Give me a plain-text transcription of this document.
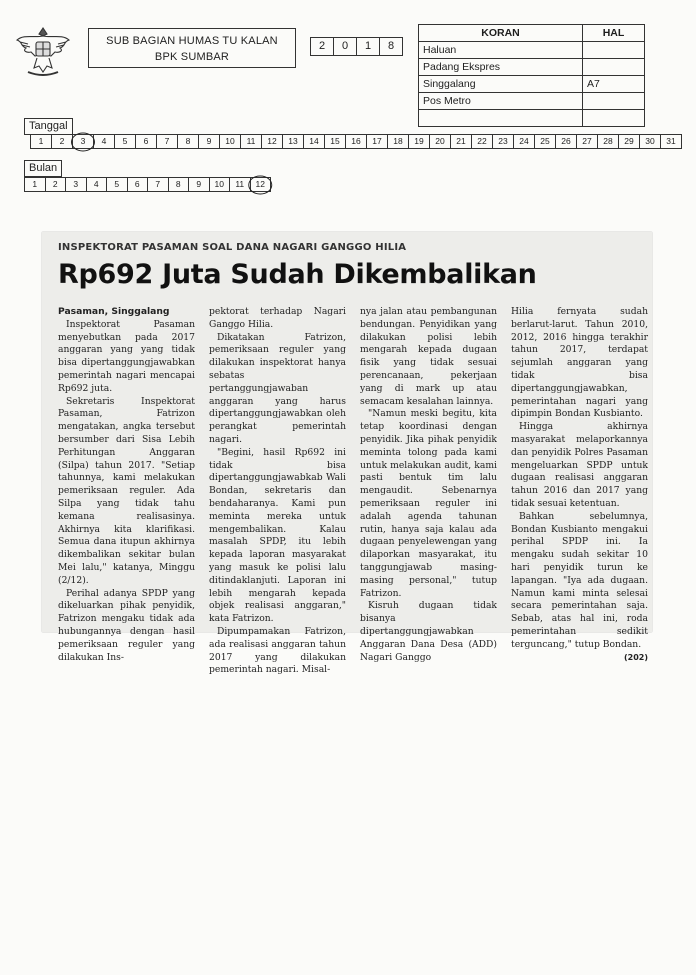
SUB BAGIAN HUMAS TU KALAN
BPK SUMBAR
2	0	1	8
KORAN	HAL
Haluan	
Padang Ekspres	
Singgalang	A7
Pos Metro	

Tanggal
1	2	3	4	5	6	7	8	9	10	11	12	13	14	15	16	17	18	19	20	21	22	23	24	25	26	27	28	29	30	31
Bulan
1	2	3	4	5	6	7	8	9	10	11	12
INSPEKTORAT PASAMAN SOAL DANA NAGARI GANGGO HILIA
Rp692 Juta Sudah Dikembalikan

Pasaman, Singgalang

Inspektorat Pasaman menyebutkan pada 2017 anggaran yang yang tidak bisa dipertanggungjawabkan pemerintah nagari mencapai Rp692 juta.

Sekretaris Inspektorat Pasaman, Fatrizon mengatakan, angka tersebut bersumber dari Sisa Lebih Perhitungan Anggaran (Silpa) tahun 2017. "Setiap tahunnya, kami melakukan pemeriksaan reguler. Ada Silpa yang tidak tahu kemana realisasinya. Akhirnya kita klarifikasi. Semua dana itupun akhirnya dikembalikan sekitar bulan Mei lalu," katanya, Minggu (2/12).

Perihal adanya SPDP yang dikeluarkan pihak penyidik, Fatrizon mengaku tidak ada hubungannya dengan hasil pemeriksaan reguler yang dilakukan Ins-

pektorat terhadap Nagari Ganggo Hilia.

Dikatakan Fatrizon, pemeriksaan reguler yang dilakukan inspektorat hanya sebatas pertanggungjawaban anggaran yang harus dipertanggungjawabkan oleh perangkat pemerintah nagari.

"Begini, hasil Rp692 ini tidak bisa dipertanggungjawabkab Wali Bondan, sekretaris dan bendaharanya. Kami pun meminta mereka untuk mengembalikan. Kalau masalah SPDP, itu lebih kepada laporan masyarakat yang masuk ke polisi lalu ditindaklanjuti. Laporan ini lebih mengarah kepada objek realisasi anggaran," kata Fatrizon.

Dipumpamakan Fatrizon, ada realisasi anggaran tahun 2017 yang dilakukan pemerintah nagari. Misal-

nya jalan atau pembangunan bendungan. Penyidikan yang dilakukan polisi lebih mengarah kepada dugaan fisik yang tidak sesuai perencanaan, pekerjaan yang di mark up atau semacam kesalahan lainnya.

"Namun meski begitu, kita tetap koordinasi dengan penyidik. Jika pihak penyidik meminta tolong pada kami untuk melakukan audit, kami pasti bentuk tim lalu mengaudit. Sebenarnya pemeriksaan reguler ini adalah agenda tahunan rutin, hanya saja kalau ada dugaan penyelewengan yang dilaporkan masyarakat, itu tanggungjawab masing-masing personal," tutup Fatrizon.

Kisruh dugaan tidak bisanya dipertanggungjawabkan Anggaran Dana Desa (ADD) Nagari Ganggo

Hilia fernyata sudah berlarut-larut. Tahun 2010, 2012, 2016 hingga terakhir tahun 2017, terdapat sejumlah anggaran yang tidak bisa dipertanggungjawabkan, pemerintahan nagari yang dipimpin Bondan Kusbianto.

Hingga akhirnya masyarakat melaporkannya dan penyidik Polres Pasaman mengeluarkan SPDP untuk dugaan realisasi anggaran tahun 2016 dan 2017 yang tidak sesuai ketentuan.

Bahkan sebelumnya, Bondan Kusbianto mengakui perihal SPDP ini. Ia mengaku sudah sekitar 10 hari penyidik turun ke lapangan. "Iya ada dugaan. Namun kami minta selesai secara pemerintahan saja. Sebab, atas hal ini, roda pemerintahan sedikit terguncang," tutup Bondan.

(202)
